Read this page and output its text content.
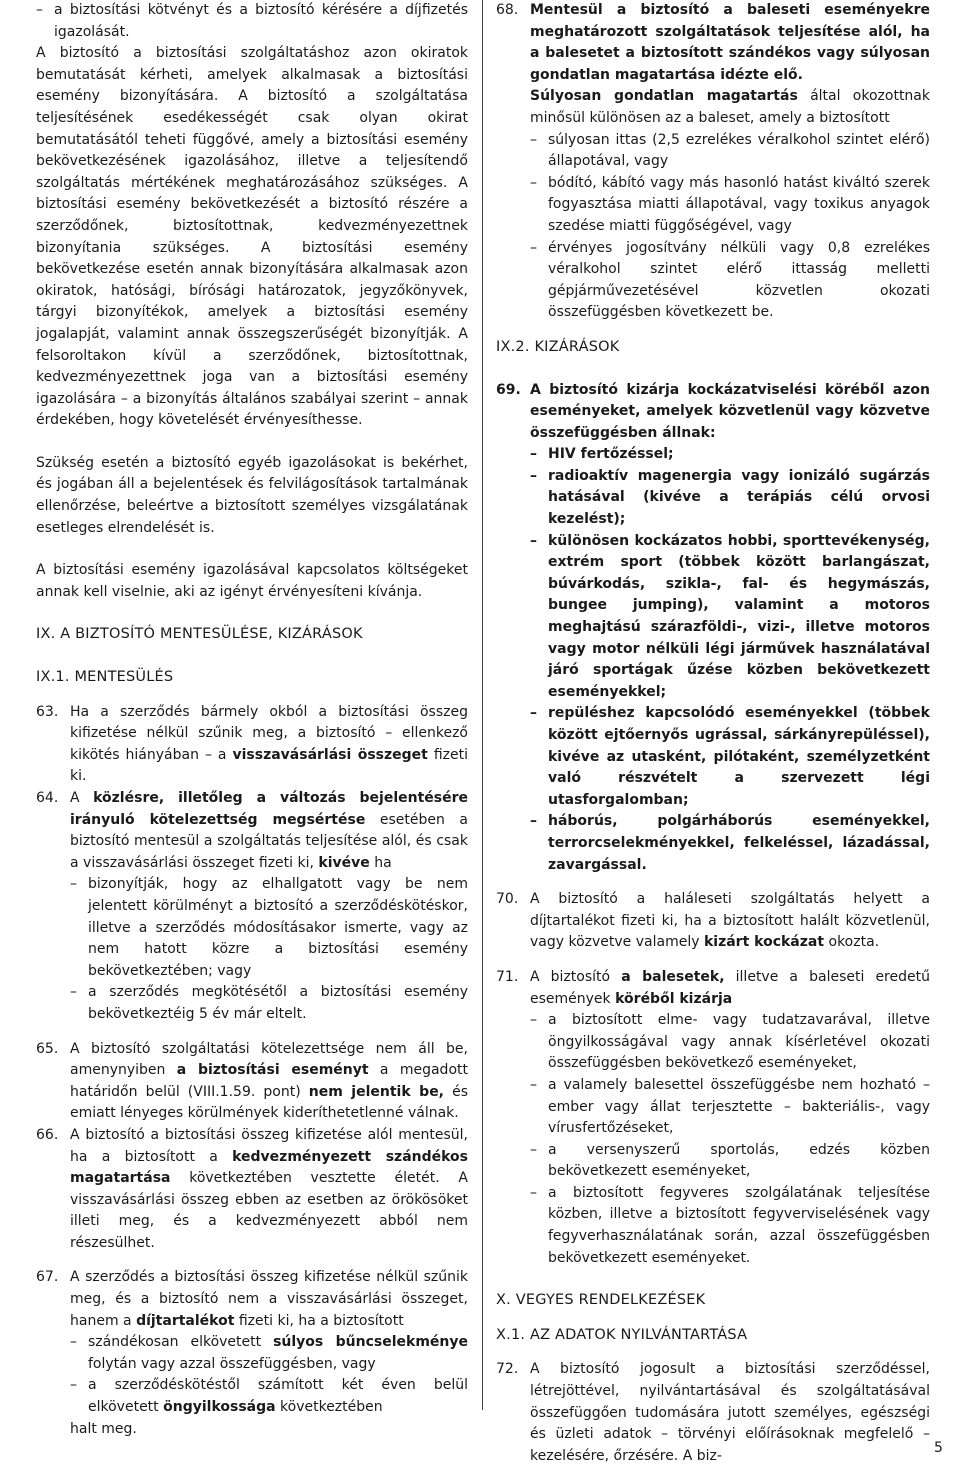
– a biztosítási kötvényt és a biztosító kérésére a díjfizetés igazolását.

A biztosító a biztosítási szolgáltatáshoz azon okiratok bemutatását kérheti, amelyek alkalmasak a biztosítási esemény bizonyítására. A biztosító a szolgáltatása teljesítésének esedékességét csak olyan okirat bemutatásától teheti függővé, amely a biztosítási esemény bekövetkezésének igazolásához, illetve a teljesítendő szolgáltatás mértékének meghatározásához szükséges. A biztosítási esemény bekövetkezését a biztosító részére a szerződőnek, biztosítottnak, kedvezményezettnek bizonyítania szükséges. A biztosítási esemény bekövetkezése esetén annak bizonyítására alkalmasak azon okiratok, hatósági, bírósági határozatok, jegyzőkönyvek, tárgyi bizonyítékok, amelyek a biztosítási esemény jogalapját, valamint annak összegszerűségét bizonyítják. A felsoroltakon kívül a szerződőnek, biztosítottnak, kedvezményezettnek joga van a biztosítási esemény igazolására – a bizonyítás általános szabályai szerint – annak érdekében, hogy követelését érvényesíthesse.

Szükség esetén a biztosító egyéb igazolásokat is bekérhet, és jogában áll a bejelentések és felvilágosítások tartalmának ellenőrzése, beleértve a biztosított személyes vizsgálatának esetleges elrendelését is.

A biztosítási esemény igazolásával kapcsolatos költségeket annak kell viselnie, aki az igényt érvényesíteni kívánja.

IX. A BIZTOSÍTÓ MENTESÜLÉSE, KIZÁRÁSOK

IX.1. MENTESÜLÉS

63. Ha a szerződés bármely okból a biztosítási összeg kifizetése nélkül szűnik meg, a biztosító – ellenkező kikötés hiányában – a visszavásárlási összeget fizeti ki.
64. A közlésre, illetőleg a változás bejelentésére irányuló kötelezettség megsértése esetében a biztosító mentesül a szolgáltatás teljesítése alól, és csak a visszavásárlási összeget fizeti ki, kivéve ha
– bizonyítják, hogy az elhallgatott vagy be nem jelentett körülményt a biztosító a szerződéskötéskor, illetve a szerződés módosításakor ismerte, vagy az nem hatott közre a biztosítási esemény bekövetkeztében; vagy
– a szerződés megkötésétől a biztosítási esemény bekövetkeztéig 5 év már eltelt.
65. A biztosító szolgáltatási kötelezettsége nem áll be, amenynyiben a biztosítási eseményt a megadott határidőn belül (VIII.1.59. pont) nem jelentik be, és emiatt lényeges körülmények kideríthetetlenné válnak.
66. A biztosító a biztosítási összeg kifizetése alól mentesül, ha a biztosított a kedvezményezett szándékos magatartása következtében vesztette életét. A visszavásárlási összeg ebben az esetben az örökösöket illeti meg, és a kedvezményezett abból nem részesülhet.
67. A szerződés a biztosítási összeg kifizetése nélkül szűnik meg, és a biztosító nem a visszavásárlási összeget, hanem a díjtartalékot fizeti ki, ha a biztosított
– szándékosan elkövetett súlyos bűncselekménye folytán vagy azzal összefüggésben, vagy
– a szerződéskötéstől számított két éven belül elkövetett öngyilkossága következtében
halt meg.
68. Mentesül a biztosító a baleseti eseményekre meghatározott szolgáltatások teljesítése alól, ha a balesetet a biztosított szándékos vagy súlyosan gondatlan magatartása idézte elő.
Súlyosan gondatlan magatartás által okozottnak minősül különösen az a baleset, amely a biztosított
– súlyosan ittas (2,5 ezrelékes véralkohol szintet elérő) állapotával, vagy
– bódító, kábító vagy más hasonló hatást kiváltó szerek fogyasztása miatti állapotával, vagy toxikus anyagok szedése miatti függőségével, vagy
– érvényes jogosítvány nélküli vagy 0,8 ezrelékes véralkohol szintet elérő ittasság melletti gépjárművezetésével közvetlen okozati összefüggésben következett be.

IX.2. KIZÁRÁSOK

69. A biztosító kizárja kockázatviselési köréből azon eseményeket, amelyek közvetlenül vagy közvetve összefüggésben állnak:
– HIV fertőzéssel;
– radioaktív magenergia vagy ionizáló sugárzás hatásával (kivéve a terápiás célú orvosi kezelést);
– különösen kockázatos hobbi, sporttevékenység, extrém sport (többek között barlangászat, búvárkodás, szikla-, fal- és hegymászás, bungee jumping), valamint a motoros meghajtású szárazföldi-, vizi-, illetve motoros vagy motor nélküli légi járművek használatával járó sportágak űzése közben bekövetkezett eseményekkel;
– repüléshez kapcsolódó eseményekkel (többek között ejtőernyős ugrással, sárkányrepüléssel), kivéve az utasként, pilótaként, személyzetként való részvételt a szervezett légi utasforgalomban;
– háborús, polgárháborús eseményekkel, terrorcselekményekkel, felkeléssel, lázadással, zavargással.
70. A biztosító a haláleseti szolgáltatás helyett a díjtartalékot fizeti ki, ha a biztosított halált közvetlenül, vagy közvetve valamely kizárt kockázat okozta.
71. A biztosító a balesetek, illetve a baleseti eredetű események köréből kizárja
– a biztosított elme- vagy tudatzavarával, illetve öngyilkosságával vagy annak kísérletével okozati összefüggésben bekövetkező eseményeket,
– a valamely balesettel összefüggésbe nem hozható – ember vagy állat terjesztette – bakteriális-, vagy vírusfertőzéseket,
– a versenyszerű sportolás, edzés közben bekövetkezett eseményeket,
– a biztosított fegyveres szolgálatának teljesítése közben, illetve a biztosított fegyverviselésének vagy fegyverhasználatának során, azzal összefüggésben bekövetkezett eseményeket.

X. VEGYES RENDELKEZÉSEK

X.1. AZ ADATOK NYILVÁNTARTÁSA

72. A biztosító jogosult a biztosítási szerződéssel, létrejöttével, nyilvántartásával és szolgáltatásával összefüggően tudomására jutott személyes, egészségi és üzleti adatok – törvényi előírásoknak megfelelő – kezelésére, őrzésére. A biz-	5
